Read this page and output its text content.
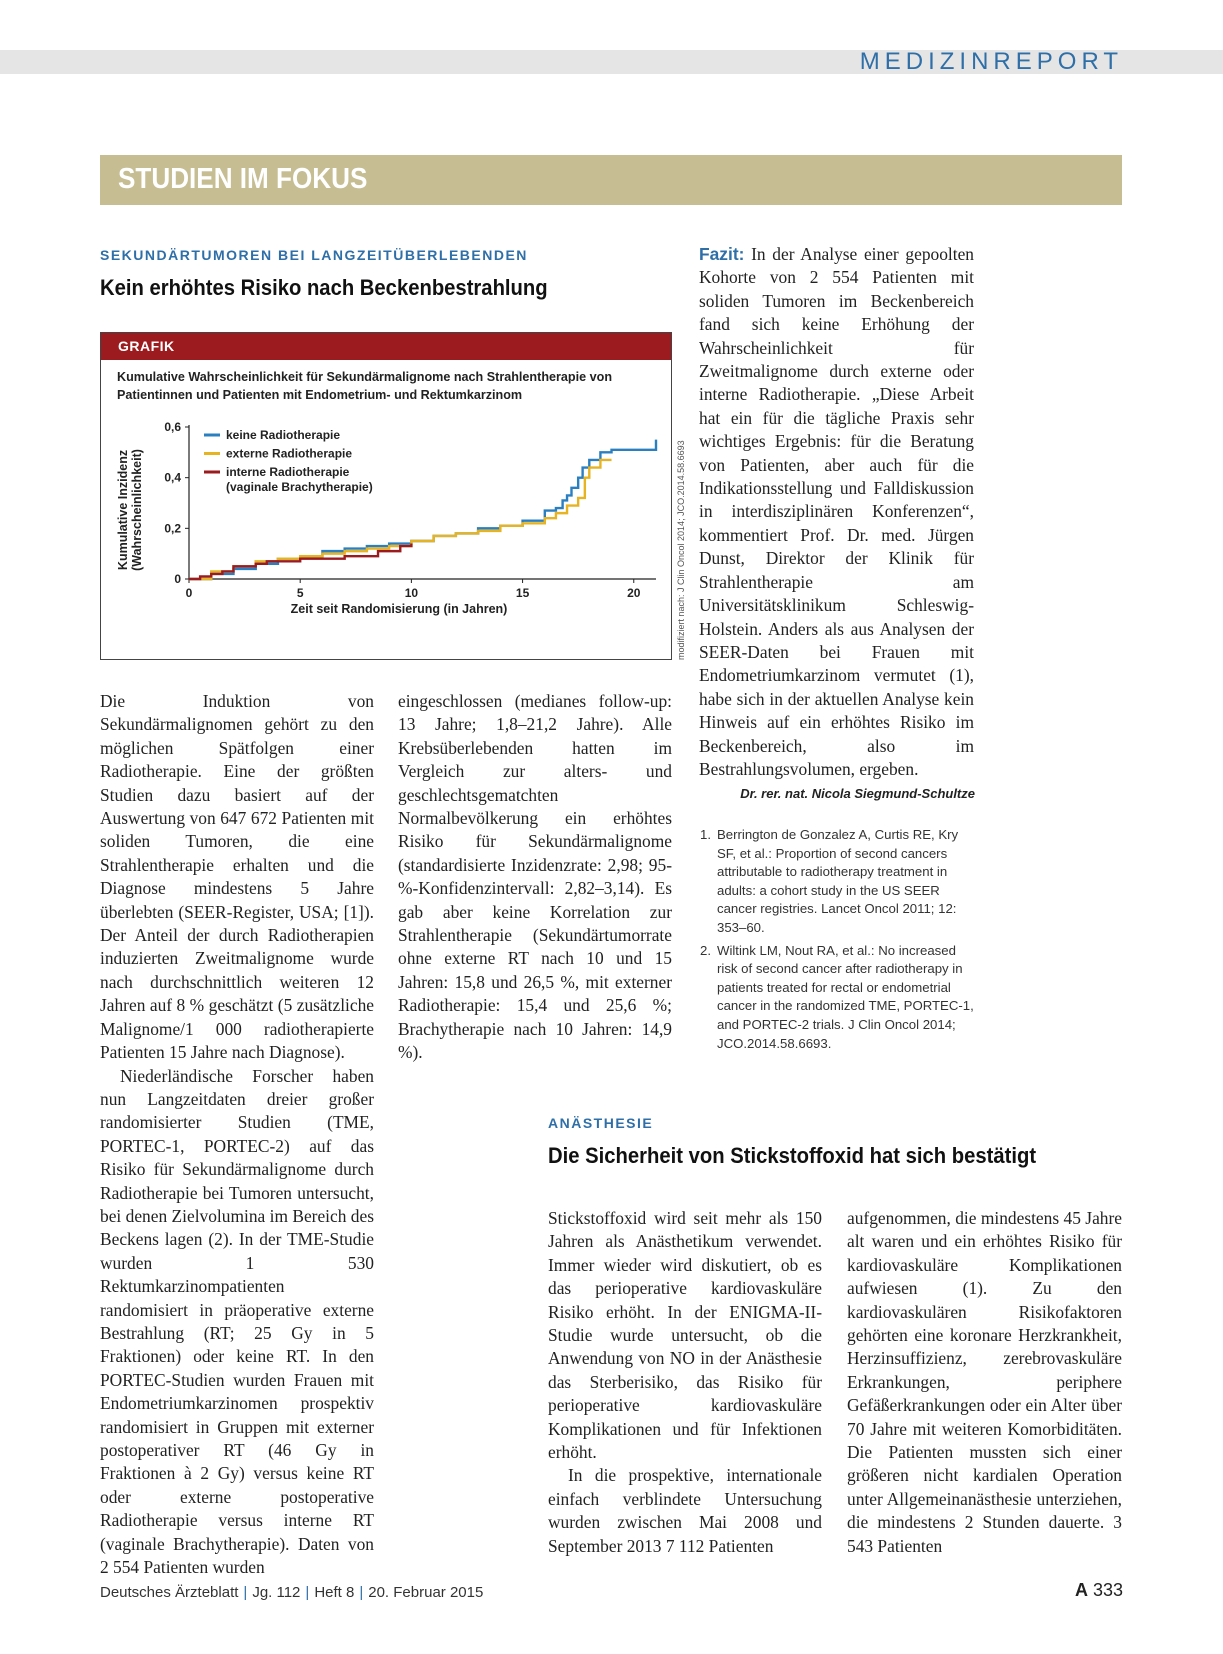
MEDIZINREPORT
STUDIEN IM FOKUS
SEKUNDÄRTUMOREN BEI LANGZEITÜBERLEBENDEN
Kein erhöhtes Risiko nach Beckenbestrahlung
GRAFIK
Kumulative Wahrscheinlichkeit für Sekundärmalignome nach Strahlentherapie von Patientinnen und Patienten mit Endometrium- und Rektumkarzinom
0	5	10	15	20
0
0,2
0,4
0,6
keine Radiotherapie
externe Radiotherapie
interne Radiotherapie (vaginale Brachytherapie)
Zeit seit Randomisierung (in Jahren)
Kumulative Inzidenz(Wahrscheinlichkeit)	modifiziert nach: J Clin Oncol 2014; JCO.2014.58.6693

Die Induktion von Sekundärmalignomen gehört zu den möglichen Spätfolgen einer Radiotherapie. Eine der größten Studien dazu basiert auf der Auswertung von 647 672 Patienten mit soliden Tumoren, die eine Strahlentherapie erhalten und die Diagnose mindestens 5 Jahre überlebten (SEER-Register, USA; [1]). Der Anteil der durch Radiotherapien induzierten Zweitmalignome wurde nach durchschnittlich weiteren 12 Jahren auf 8 % geschätzt (5 zusätzliche Malignome/1 000 radiotherapierte Patienten 15 Jahre nach Diagnose).

Niederländische Forscher haben nun Langzeitdaten dreier großer randomisierter Studien (TME, PORTEC-1, PORTEC-2) auf das Risiko für Sekundärmalignome durch Radiotherapie bei Tumoren untersucht, bei denen Zielvolumina im Bereich des Beckens lagen (2). In der TME-Studie wurden 1 530 Rektumkarzinompatienten randomisiert in präoperative externe Bestrahlung (RT; 25 Gy in 5 Fraktionen) oder keine RT. In den PORTEC-Studien wurden Frauen mit Endometriumkarzinomen prospektiv randomisiert in Gruppen mit externer postoperativer RT (46 Gy in Fraktionen à 2 Gy) versus keine RT oder externe postoperative Radiotherapie versus interne RT (vaginale Brachytherapie). Daten von 2 554 Patienten wurden

eingeschlossen (medianes follow-up: 13 Jahre; 1,8–21,2 Jahre). Alle Krebsüberlebenden hatten im Vergleich zur alters- und geschlechtsgematchten Normalbevölkerung ein erhöhtes Risiko für Sekundärmalignome (standardisierte Inzidenzrate: 2,98; 95-%-Konfidenzintervall: 2,82–3,14). Es gab aber keine Korrelation zur Strahlentherapie (Sekundärtumorrate ohne externe RT nach 10 und 15 Jahren: 15,8 und 26,5 %, mit externer Radiotherapie: 15,4 und 25,6 %; Brachytherapie nach 10 Jahren: 14,9 %).

Fazit: In der Analyse einer gepoolten Kohorte von 2 554 Patienten mit soliden Tumoren im Beckenbereich fand sich keine Erhöhung der Wahrscheinlichkeit für Zweitmalignome durch externe oder interne Radiotherapie. „Diese Arbeit hat ein für die tägliche Praxis sehr wichtiges Ergebnis: für die Beratung von Patienten, aber auch für die Indikationsstellung und Falldiskussion in interdisziplinären Konferenzen“, kommentiert Prof. Dr. med. Jürgen Dunst, Direktor der Klinik für Strahlentherapie am Universitätsklinikum Schleswig-Holstein. Anders als aus Analysen der SEER-Daten bei Frauen mit Endometriumkarzinom vermutet (1), habe sich in der aktuellen Analyse kein Hinweis auf ein erhöhtes Risiko im Beckenbereich, also im Bestrahlungsvolumen, ergeben.

Dr. rer. nat. Nicola Siegmund-Schultze
1. Berrington de Gonzalez A, Curtis RE, Kry SF, et al.: Proportion of second cancers attributable to radiotherapy treatment in adults: a cohort study in the US SEER cancer registries. Lancet Oncol 2011; 12: 353–60.
2. Wiltink LM, Nout RA, et al.: No increased risk of second cancer after radiotherapy in patients treated for rectal or endometrial cancer in the randomized TME, PORTEC-1, and PORTEC-2 trials. J Clin Oncol 2014; JCO.2014.58.6693.
ANÄSTHESIE
Die Sicherheit von Stickstoffoxid hat sich bestätigt

Stickstoffoxid wird seit mehr als 150 Jahren als Anästhetikum verwendet. Immer wieder wird diskutiert, ob es das perioperative kardiovaskuläre Risiko erhöht. In der ENIGMA-II-Studie wurde untersucht, ob die Anwendung von NO in der Anästhesie das Sterberisiko, das Risiko für perioperative kardiovaskuläre Komplikationen und für Infektionen erhöht.

In die prospektive, internationale einfach verblindete Untersuchung wurden zwischen Mai 2008 und September 2013 7 112 Patienten

aufgenommen, die mindestens 45 Jahre alt waren und ein erhöhtes Risiko für kardiovaskuläre Komplikationen aufwiesen (1). Zu den kardiovaskulären Risikofaktoren gehörten eine koronare Herzkrankheit, Herzinsuffizienz, zerebrovaskuläre Erkrankungen, periphere Gefäßerkrankungen oder ein Alter über 70 Jahre mit weiteren Komorbiditäten. Die Patienten mussten sich einer größeren nicht kardialen Operation unter Allgemeinanästhesie unterziehen, die mindestens 2 Stunden dauerte. 3 543 Patienten

Deutsches Ärzteblatt | Jg. 112 | Heft 8 | 20. Februar 2015	A 333
